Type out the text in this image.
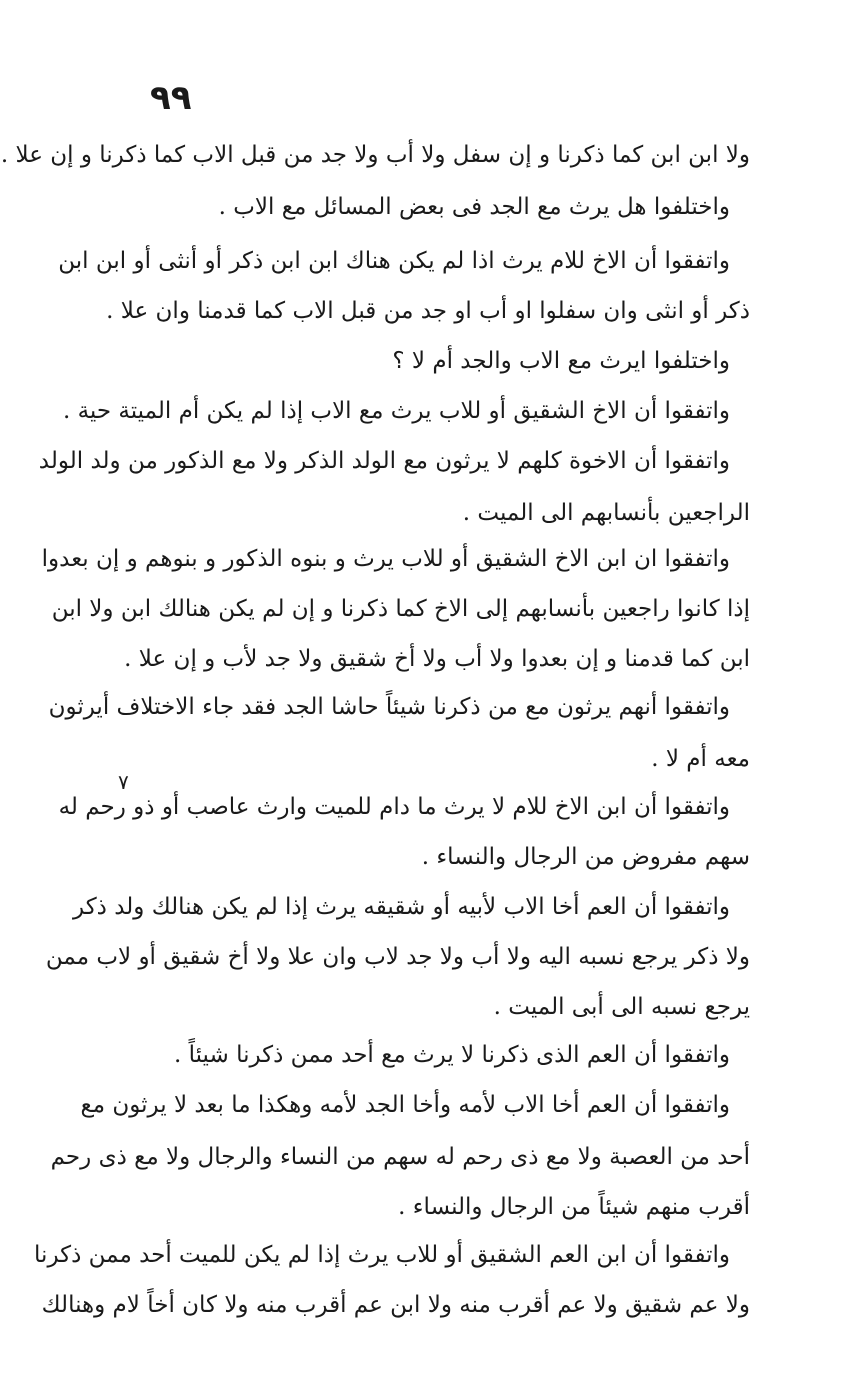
٩٩
٧
ولا ابن ابن كما ذكرنا و إن سفل ولا أب ولا جد من قبل الاب كما ذكرنا و إن علا .
واختلفوا هل يرث مع الجد فى بعض المسائل مع الاب .
واتفقوا أن الاخ للام يرث اذا لم يكن هناك ابن ابن ذكر أو أنثى أو ابن ابن
ذكر أو انثى وان سفلوا او أب او جد من قبل الاب كما قدمنا وان علا .
واختلفوا ايرث مع الاب والجد أم لا ؟
واتفقوا أن الاخ الشقيق أو للاب يرث مع الاب إذا لم يكن أم الميتة حية .
واتفقوا أن الاخوة كلهم لا يرثون مع الولد الذكر ولا مع الذكور من ولد الولد
الراجعين بأنسابهم الى الميت .
واتفقوا ان ابن الاخ الشقيق أو للاب يرث و بنوه الذكور و بنوهم و إن بعدوا
إذا كانوا راجعين بأنسابهم إلى الاخ كما ذكرنا و إن لم يكن هنالك ابن ولا ابن
ابن كما قدمنا و إن بعدوا ولا أب ولا أخ شقيق ولا جد لأب و إن علا .
واتفقوا أنهم يرثون مع من ذكرنا شيئاً حاشا الجد فقد جاء الاختلاف أيرثون
معه أم لا .
واتفقوا أن ابن الاخ للام لا يرث ما دام للميت وارث عاصب أو ذو رحم له
سهم مفروض من الرجال والنساء .
واتفقوا أن العم أخا الاب لأبيه أو شقيقه يرث إذا لم يكن هنالك ولد ذكر
ولا ذكر يرجع نسبه اليه ولا أب ولا جد لاب وان علا ولا أخ شقيق أو لاب ممن
يرجع نسبه الى أبى الميت .
واتفقوا أن العم الذى ذكرنا لا يرث مع أحد ممن ذكرنا شيئاً .
واتفقوا أن العم أخا الاب لأمه وأخا الجد لأمه وهكذا ما بعد لا يرثون مع
أحد من العصبة ولا مع ذى رحم له سهم من النساء والرجال ولا مع ذى رحم
أقرب منهم شيئاً من الرجال والنساء .
واتفقوا أن ابن العم الشقيق أو للاب يرث إذا لم يكن للميت أحد ممن ذكرنا
ولا عم شقيق ولا عم أقرب منه ولا ابن عم أقرب منه ولا كان أخاً لام وهنالك
